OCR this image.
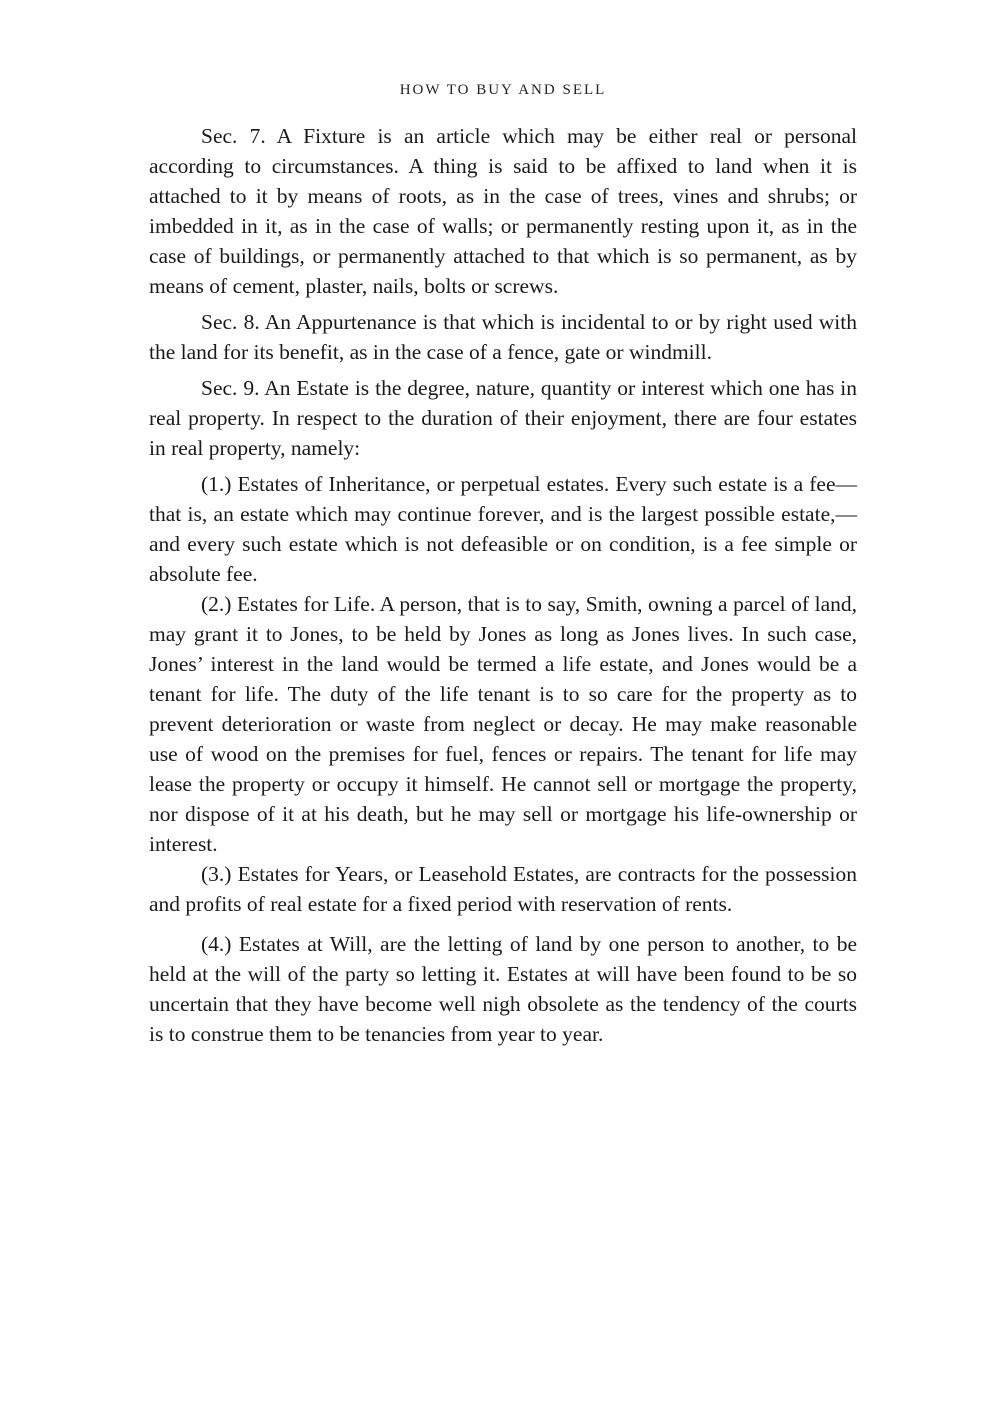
HOW TO BUY AND SELL

Sec. 7. A Fixture is an article which may be either real or personal according to circumstances. A thing is said to be affixed to land when it is attached to it by means of roots, as in the case of trees, vines and shrubs; or imbedded in it, as in the case of walls; or permanently resting upon it, as in the case of buildings, or permanently attached to that which is so permanent, as by means of cement, plaster, nails, bolts or screws.

Sec. 8. An Appurtenance is that which is incidental to or by right used with the land for its benefit, as in the case of a fence, gate or windmill.

Sec. 9. An Estate is the degree, nature, quantity or interest which one has in real property. In respect to the duration of their enjoyment, there are four estates in real property, namely:

(1.) Estates of Inheritance, or perpetual estates. Every such estate is a fee—that is, an estate which may continue forever, and is the largest possible estate,—and every such estate which is not defeasible or on condition, is a fee simple or absolute fee.

(2.) Estates for Life. A person, that is to say, Smith, owning a parcel of land, may grant it to Jones, to be held by Jones as long as Jones lives. In such case, Jones’ interest in the land would be termed a life estate, and Jones would be a tenant for life. The duty of the life tenant is to so care for the property as to prevent deterioration or waste from neglect or decay. He may make reasonable use of wood on the premises for fuel, fences or repairs. The tenant for life may lease the property or occupy it himself. He cannot sell or mortgage the property, nor dispose of it at his death, but he may sell or mortgage his life-ownership or interest.

(3.) Estates for Years, or Leasehold Estates, are contracts for the possession and profits of real estate for a fixed period with reservation of rents.

(4.) Estates at Will, are the letting of land by one person to another, to be held at the will of the party so letting it. Estates at will have been found to be so uncertain that they have become well nigh obsolete as the tendency of the courts is to construe them to be tenancies from year to year.
